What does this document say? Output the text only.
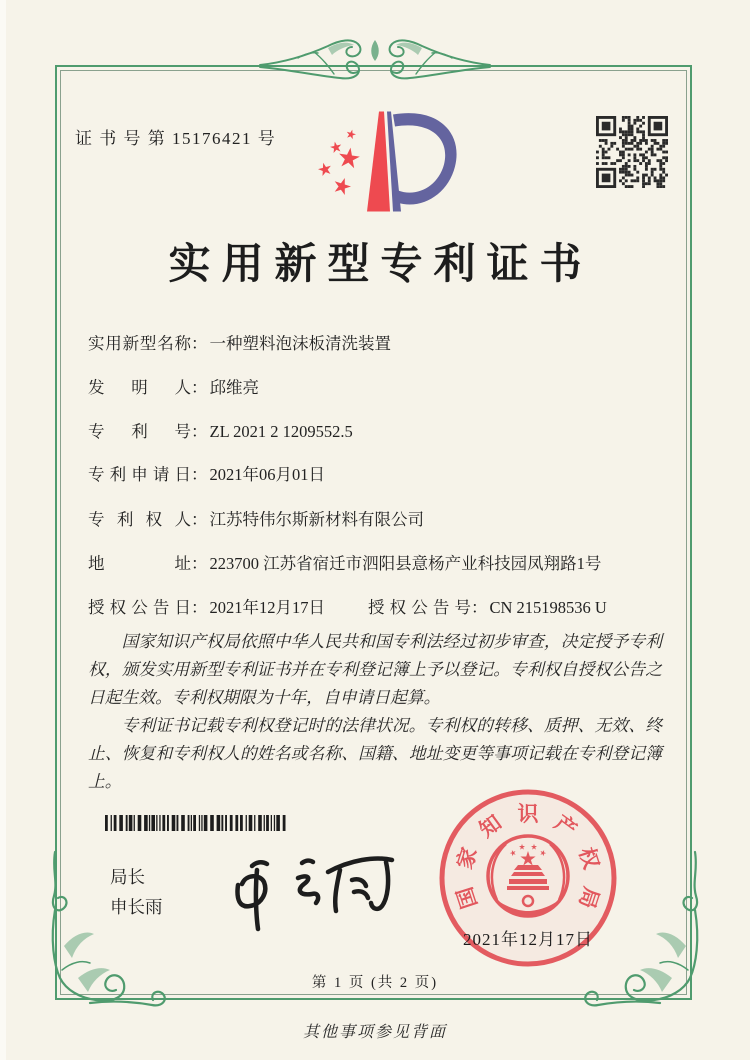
证 书 号 第 15176421 号
实用新型专利证书
实用新型名称： 一种塑料泡沫板清洗装置
发明人： 邱维亮
专利号： ZL 2021 2 1209552.5
专利申请日： 2021年06月01日
专利权人： 江苏特伟尔斯新材料有限公司
地址： 223700 江苏省宿迁市泗阳县意杨产业科技园凤翔路1号
授权公告日： 2021年12月17日	授权公告号： CN 215198536 U

国家知识产权局依照中华人民共和国专利法经过初步审查，决定授予专利权，颁发实用新型专利证书并在专利登记簿上予以登记。专利权自授权公告之日起生效。专利权期限为十年，自申请日起算。

专利证书记载专利权登记时的法律状况。专利权的转移、质押、无效、终止、恢复和专利权人的姓名或名称、国籍、地址变更等事项记载在专利登记簿上。

局长
申长雨	国
家
知 识 产
权
局
2021年12月17日
第 1 页 (共 2 页)
其他事项参见背面
